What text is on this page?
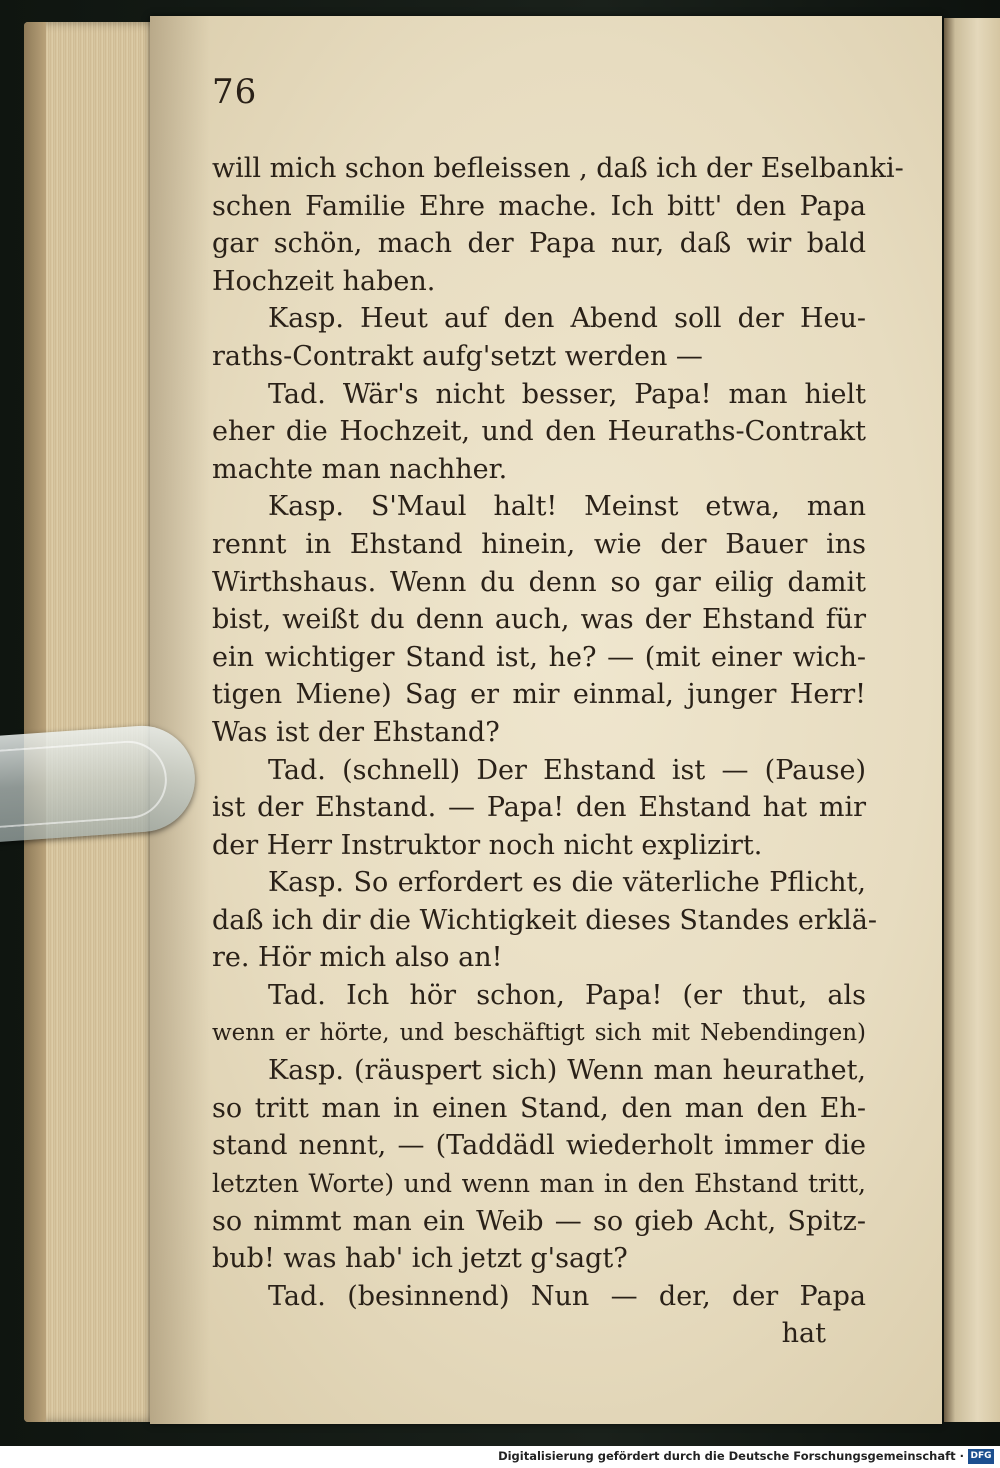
76
will mich schon befleissen , daß ich der Eselbanki-
schen Familie Ehre mache. Ich bitt' den Papa
gar schön, mach der Papa nur, daß wir bald
Hochzeit haben.
Kasp. Heut auf den Abend soll der Heu-
raths-Contrakt aufg'setzt werden —
Tad. Wär's nicht besser, Papa! man hielt
eher die Hochzeit, und den Heuraths-Contrakt
machte man nachher.
Kasp. S'Maul halt! Meinst etwa, man
rennt in Ehstand hinein, wie der Bauer ins
Wirthshaus. Wenn du denn so gar eilig damit
bist, weißt du denn auch, was der Ehstand für
ein wichtiger Stand ist, he? — (mit einer wich-
tigen Miene) Sag er mir einmal, junger Herr!
Was ist der Ehstand?
Tad. (schnell) Der Ehstand ist — (Pause)
ist der Ehstand. — Papa! den Ehstand hat mir
der Herr Instruktor noch nicht explizirt.
Kasp. So erfordert es die väterliche Pflicht,
daß ich dir die Wichtigkeit dieses Standes erklä-
re. Hör mich also an!
Tad. Ich hör schon, Papa! (er thut, als
wenn er hörte, und beschäftigt sich mit Nebendingen)
Kasp. (räuspert sich) Wenn man heurathet,
so tritt man in einen Stand, den man den Eh-
stand nennt, — (Taddädl wiederholt immer die
letzten Worte) und wenn man in den Ehstand tritt,
so nimmt man ein Weib — so gieb Acht, Spitz-
bub! was hab' ich jetzt g'sagt?
Tad. (besinnend) Nun — der, der Papa
hat
Digitalisierung gefördert durch die Deutsche Forschungsgemeinschaft · DFG
